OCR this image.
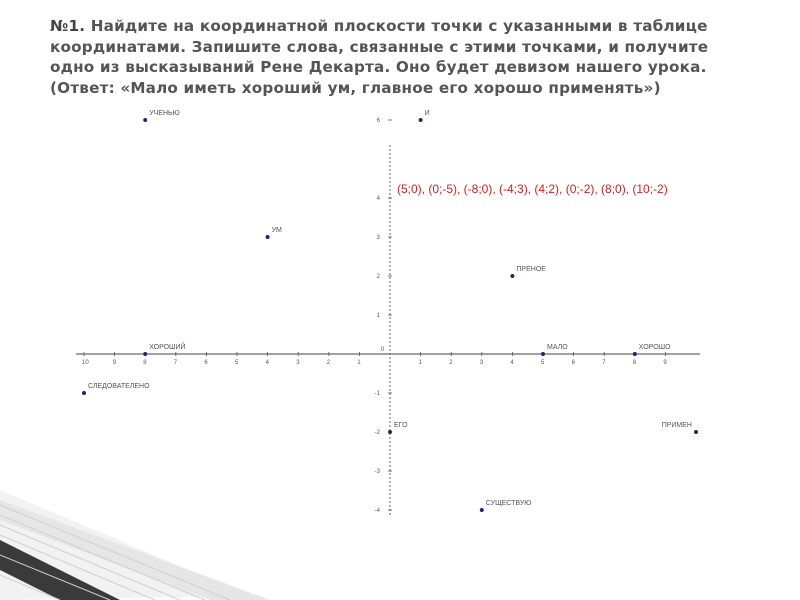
№1. Найдите на координатной плоскости точки с указанными в таблице координатами. Запишите слова, связанные с этими точками, и получите одно из высказываний Рене Декарта. Оно будет девизом нашего урока. (Ответ: «Мало иметь хороший ум, главное его хорошо применять»)

10	9	8	7	6	5	4	3	2	1	1	2	3	4	5	6	7	8	9
6
4
3
2
1
-1
-2
-3
-4
0
(5;0), (0;-5), (-8;0), (-4;3), (4;2), (0;-2), (8;0), (10;-2)
УЧЕНЬЮ	И
УМ
ПРЕНОЕ
ХОРОШИЙ	МАЛО	ХОРОШО
СЛЕДОВАТЕЛЕНО
ЕГО	ПРИМЕН
СУЩЕСТВУЮ
